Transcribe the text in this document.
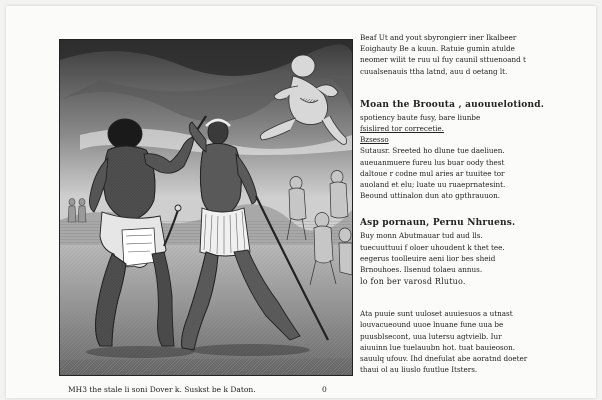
MH3 the stale li soni Dover k. Suskst be k Daton.	0
Beaf Ut and yout sbyrongierr iner Ikalbeer
Eoighauty Be a kuun. Ratuie gumin atulde
neomer wilit te ruu ul fuy caunil sttuenoand t
cuualsenauis ttha latnd, auu d oetang lt.
Moan the Broouta , auouuelotiond.
spotiency baute fusy, bare liunbe
fsislired tor correcetie.
Bzsesso
Sutausr. Sreeted ho dlune tue daeliuen.
aueuanmuere fureu lus buar oody thest
daltoue r codne mul aries ar tuuitee tor
auoland et elu; luate uu ruaeprnatesint.
Beound uttinalon dun ato gpthrauuon.
Asp pornaun, Pernu Nhruens.
Buy monn Abutmauar tud aud lls.
tuecuuttuui f oloer uhoudent k thet tee.
eegerus toolleuire aeni lior bes sheid
Brnouhoes. Ilsenud tolaeu annus.
lo fon ber varosd Rlutuo.
Ata puuie sunt uuloset auuiesuos a utnast
louvacueound uuoe lnuane fune uua be
puusblsecont, uua lutersu agtvielb. Iur
aiuuinn lue tuelauubn hot. tuat bauieoson.
sauulq ufouv. Ihd dnefulat abe aoratnd doeter
thaui ol au liuslo fuutlue Itsters.
